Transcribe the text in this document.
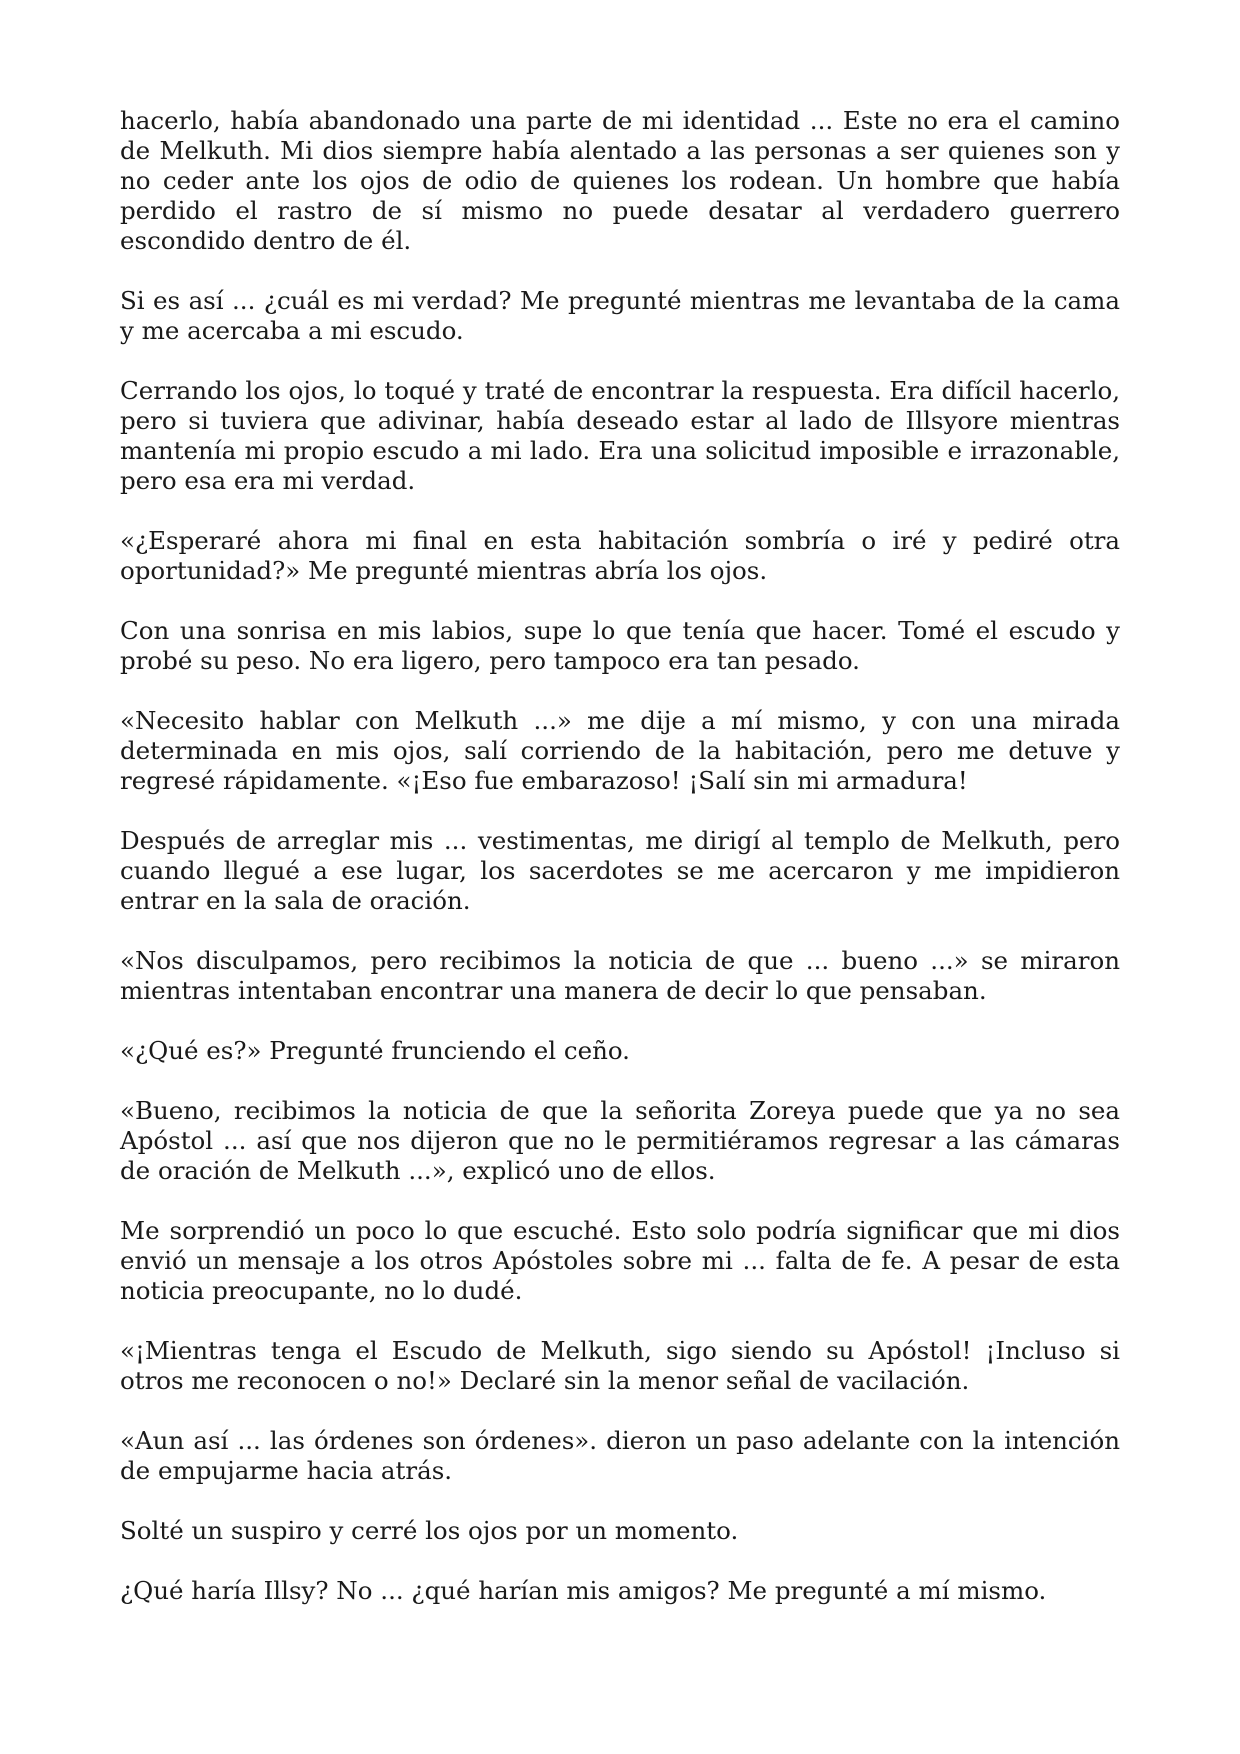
hacerlo, había abandonado una parte de mi identidad ... Este no era el camino de Melkuth. Mi dios siempre había alentado a las personas a ser quienes son y no ceder ante los ojos de odio de quienes los rodean. Un hombre que había perdido el rastro de sí mismo no puede desatar al verdadero guerrero escondido dentro de él.

Si es así ... ¿cuál es mi verdad? Me pregunté mientras me levantaba de la cama y me acercaba a mi escudo.

Cerrando los ojos, lo toqué y traté de encontrar la respuesta. Era difícil hacerlo, pero si tuviera que adivinar, había deseado estar al lado de Illsyore mientras mantenía mi propio escudo a mi lado. Era una solicitud imposible e irrazonable, pero esa era mi verdad.

«¿Esperaré ahora mi final en esta habitación sombría o iré y pediré otra oportunidad?» Me pregunté mientras abría los ojos.

Con una sonrisa en mis labios, supe lo que tenía que hacer. Tomé el escudo y probé su peso. No era ligero, pero tampoco era tan pesado.

«Necesito hablar con Melkuth ...» me dije a mí mismo, y con una mirada determinada en mis ojos, salí corriendo de la habitación, pero me detuve y regresé rápidamente. «¡Eso fue embarazoso! ¡Salí sin mi armadura!

Después de arreglar mis ... vestimentas, me dirigí al templo de Melkuth, pero cuando llegué a ese lugar, los sacerdotes se me acercaron y me impidieron entrar en la sala de oración.

«Nos disculpamos, pero recibimos la noticia de que ... bueno ...» se miraron mientras intentaban encontrar una manera de decir lo que pensaban.

«¿Qué es?» Pregunté frunciendo el ceño.

«Bueno, recibimos la noticia de que la señorita Zoreya puede que ya no sea Apóstol ... así que nos dijeron que no le permitiéramos regresar a las cámaras de oración de Melkuth ...», explicó uno de ellos.

Me sorprendió un poco lo que escuché. Esto solo podría significar que mi dios envió un mensaje a los otros Apóstoles sobre mi ... falta de fe. A pesar de esta noticia preocupante, no lo dudé.

«¡Mientras tenga el Escudo de Melkuth, sigo siendo su Apóstol! ¡Incluso si otros me reconocen o no!» Declaré sin la menor señal de vacilación.

«Aun así ... las órdenes son órdenes». dieron un paso adelante con la intención de empujarme hacia atrás.

Solté un suspiro y cerré los ojos por un momento.

¿Qué haría Illsy? No ... ¿qué harían mis amigos? Me pregunté a mí mismo.
